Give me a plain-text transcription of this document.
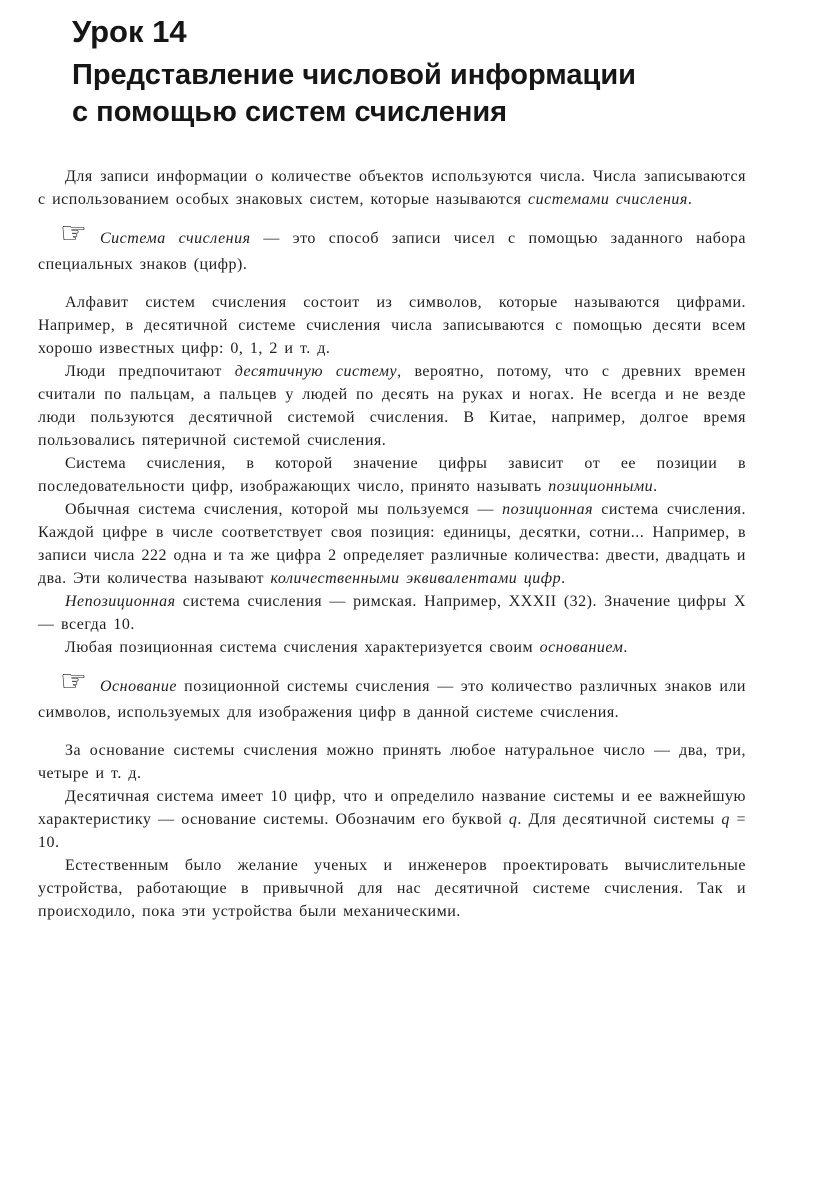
Урок 14
Представление числовой информации
с помощью систем счисления

Для записи информации о количестве объектов используются числа. Числа записываются с использованием особых знаковых систем, которые называются системами счисления.

☞ Система счисления — это способ записи чисел с помощью заданного набора специальных знаков (цифр).

Алфавит систем счисления состоит из символов, которые называются цифрами. Например, в десятичной системе счисления числа записываются с помощью десяти всем хорошо известных цифр: 0, 1, 2 и т. д.

Люди предпочитают десятичную систему, вероятно, потому, что с древних времен считали по пальцам, а пальцев у людей по десять на руках и ногах. Не всегда и не везде люди пользуются десятичной системой счисления. В Китае, например, долгое время пользовались пятеричной системой счисления.

Система счисления, в которой значение цифры зависит от ее позиции в последовательности цифр, изображающих число, принято называть позиционными.

Обычная система счисления, которой мы пользуемся — позиционная система счисления. Каждой цифре в числе соответствует своя позиция: единицы, десятки, сотни... Например, в записи числа 222 одна и та же цифра 2 определяет различные количества: двести, двадцать и два. Эти количества называют количественными эквивалентами цифр.

Непозиционная система счисления — римская. Например, XXXII (32). Значение цифры X — всегда 10.

Любая позиционная система счисления характеризуется своим основанием.

☞ Основание позиционной системы счисления — это количество различных знаков или символов, используемых для изображения цифр в данной системе счисления.

За основание системы счисления можно принять любое натуральное число — два, три, четыре и т. д.

Десятичная система имеет 10 цифр, что и определило название системы и ее важнейшую характеристику — основание системы. Обозначим его буквой q. Для десятичной системы q = 10.

Естественным было желание ученых и инженеров проектировать вычислительные устройства, работающие в привычной для нас десятичной системе счисления. Так и происходило, пока эти устройства были механическими.
